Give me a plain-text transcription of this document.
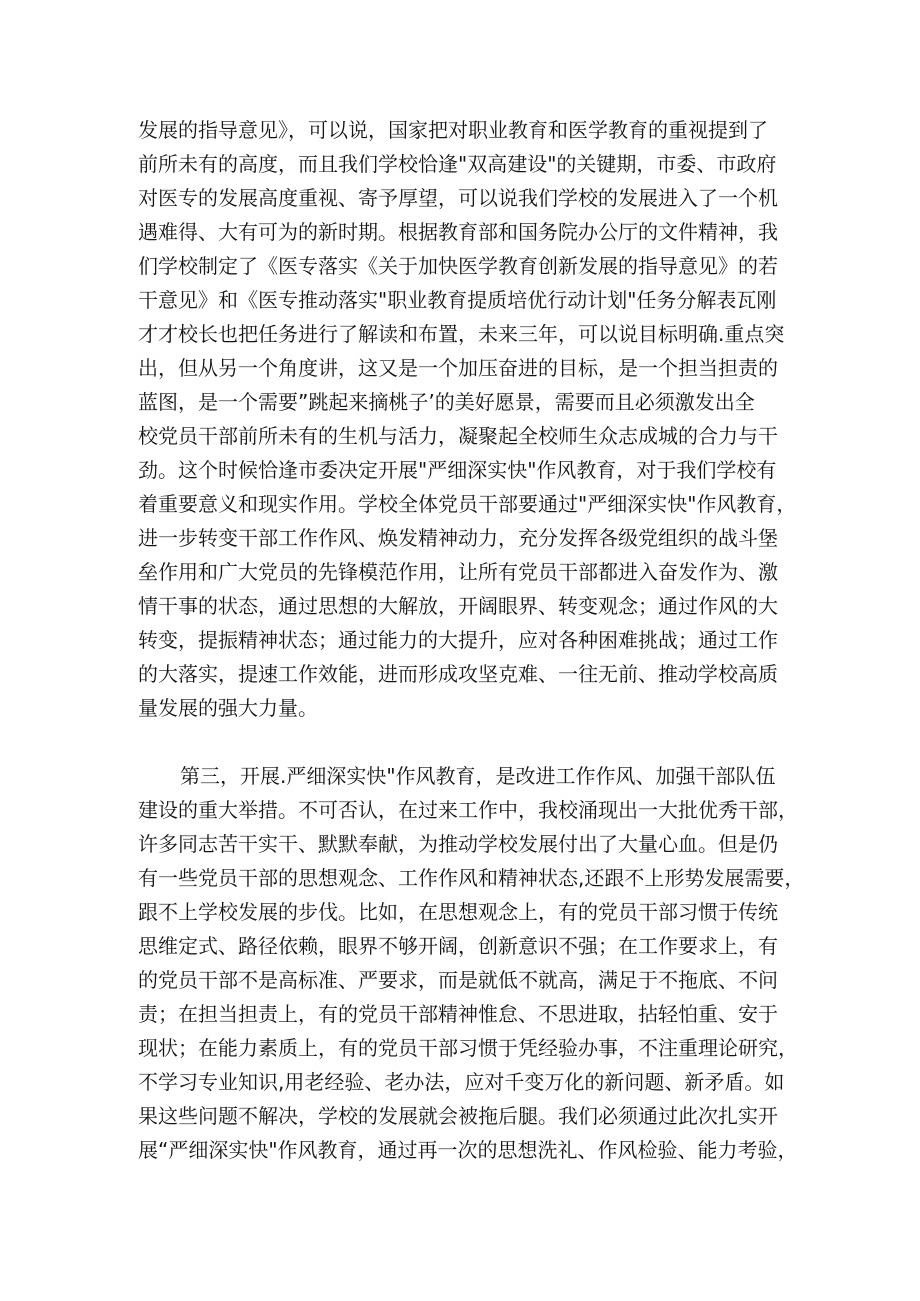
发展的指导意见》，可以说，国家把对职业教育和医学教育的重视提到了
前所未有的高度，而且我们学校恰逢"双高建设"的关键期，市委、市政府
对医专的发展高度重视、寄予厚望，可以说我们学校的发展进入了一个机
遇难得、大有可为的新时期。根据教育部和国务院办公厅的文件精神，我
们学校制定了《医专落实《关于加快医学教育创新发展的指导意见》的若
干意见》和《医专推动落实"职业教育提质培优行动计划"任务分解表瓦刚
才才校长也把任务进行了解读和布置，未来三年，可以说目标明确.重点突
出，但从另一个角度讲，这又是一个加压奋进的目标，是一个担当担责的
蓝图，是一个需要”跳起来摘桃子’的美好愿景，需要而且必须激发出全
校党员干部前所未有的生机与活力，凝聚起全校师生众志成城的合力与干
劲。这个时候恰逢市委决定开展"严细深实快"作风教育，对于我们学校有
着重要意义和现实作用。学校全体党员干部要通过"严细深实快"作风教育，
进一步转变干部工作作风、焕发精神动力，充分发挥各级党组织的战斗堡
垒作用和广大党员的先锋模范作用，让所有党员干部都进入奋发作为、激
情干事的状态，通过思想的大解放，开阔眼界、转变观念；通过作风的大
转变，提振精神状态；通过能力的大提升，应对各种困难挑战；通过工作
的大落实，提速工作效能，进而形成攻坚克难、一往无前、推动学校高质
量发展的强大力量。
第三，开展.严细深实快"作风教育，是改进工作作风、加强干部队伍
建设的重大举措。不可否认，在过来工作中，我校涌现出一大批优秀干部，
许多同志苦干实干、默默奉献，为推动学校发展付出了大量心血。但是仍
有一些党员干部的思想观念、工作作风和精神状态,还跟不上形势发展需要，
跟不上学校发展的步伐。比如，在思想观念上，有的党员干部习惯于传统
思维定式、路径依赖，眼界不够开阔，创新意识不强；在工作要求上，有
的党员干部不是高标准、严要求，而是就低不就高，满足于不拖底、不问
责；在担当担责上，有的党员干部精神惟怠、不思进取，拈轻怕重、安于
现状；在能力素质上，有的党员干部习惯于凭经验办事，不注重理论研究，
不学习专业知识,用老经验、老办法，应对千变万化的新问题、新矛盾。如
果这些问题不解决，学校的发展就会被拖后腿。我们必须通过此次扎实开
展“严细深实快"作风教育，通过再一次的思想洗礼、作风检验、能力考验，
